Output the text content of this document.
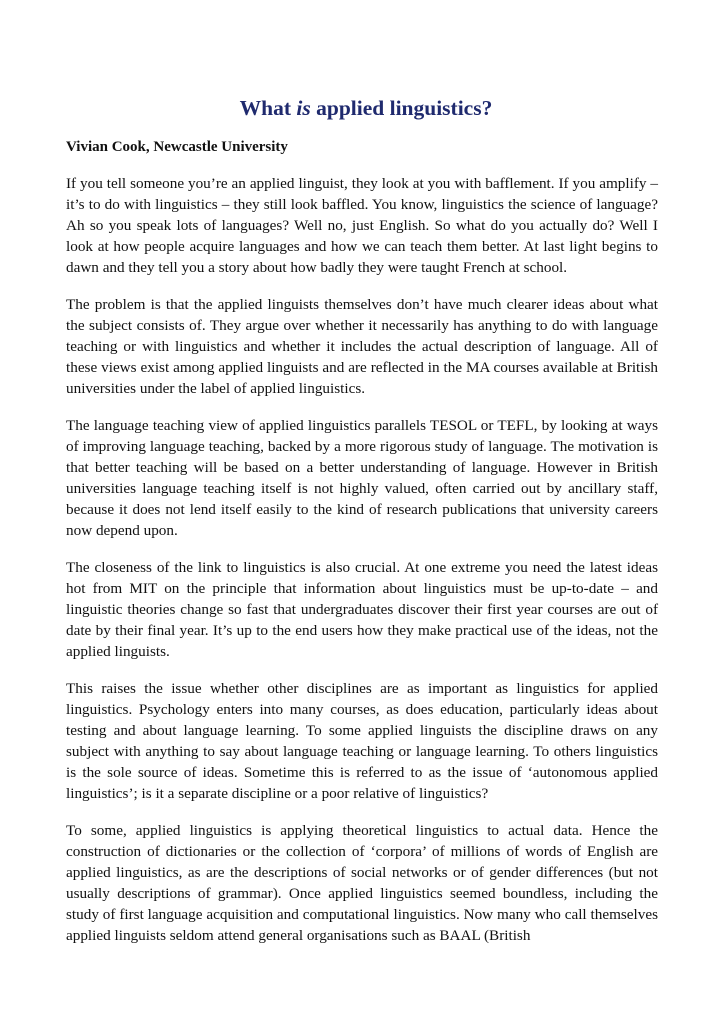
What is applied linguistics?

Vivian Cook, Newcastle University

If you tell someone you’re an applied linguist, they look at you with bafflement. If you amplify – it’s to do with linguistics – they still look baffled. You know, linguistics the science of language? Ah so you speak lots of languages? Well no, just English. So what do you actually do? Well I look at how people acquire languages and how we can teach them better. At last light begins to dawn and they tell you a story about how badly they were taught French at school.

The problem is that the applied linguists themselves don’t have much clearer ideas about what the subject consists of. They argue over whether it necessarily has anything to do with language teaching or with linguistics and whether it includes the actual description of language. All of these views exist among applied linguists and are reflected in the MA courses available at British universities under the label of applied linguistics.

The language teaching view of applied linguistics parallels TESOL or TEFL, by looking at ways of improving language teaching, backed by a more rigorous study of language. The motivation is that better teaching will be based on a better understanding of language. However in British universities language teaching itself is not highly valued, often carried out by ancillary staff, because it does not lend itself easily to the kind of research publications that university careers now depend upon.

The closeness of the link to linguistics is also crucial. At one extreme you need the latest ideas hot from MIT on the principle that information about linguistics must be up-to-date – and linguistic theories change so fast that undergraduates discover their first year courses are out of date by their final year. It’s up to the end users how they make practical use of the ideas, not the applied linguists.

This raises the issue whether other disciplines are as important as linguistics for applied linguistics. Psychology enters into many courses, as does education, particularly ideas about testing and about language learning. To some applied linguists the discipline draws on any subject with anything to say about language teaching or language learning. To others linguistics is the sole source of ideas. Sometime this is referred to as the issue of ‘autonomous applied linguistics’; is it a separate discipline or a poor relative of linguistics?

To some, applied linguistics is applying theoretical linguistics to actual data. Hence the construction of dictionaries or the collection of ‘corpora’ of millions of words of English are applied linguistics, as are the descriptions of social networks or of gender differences (but not usually descriptions of grammar). Once applied linguistics seemed boundless, including the study of first language acquisition and computational linguistics. Now many who call themselves applied linguists seldom attend general organisations such as BAAL (British
